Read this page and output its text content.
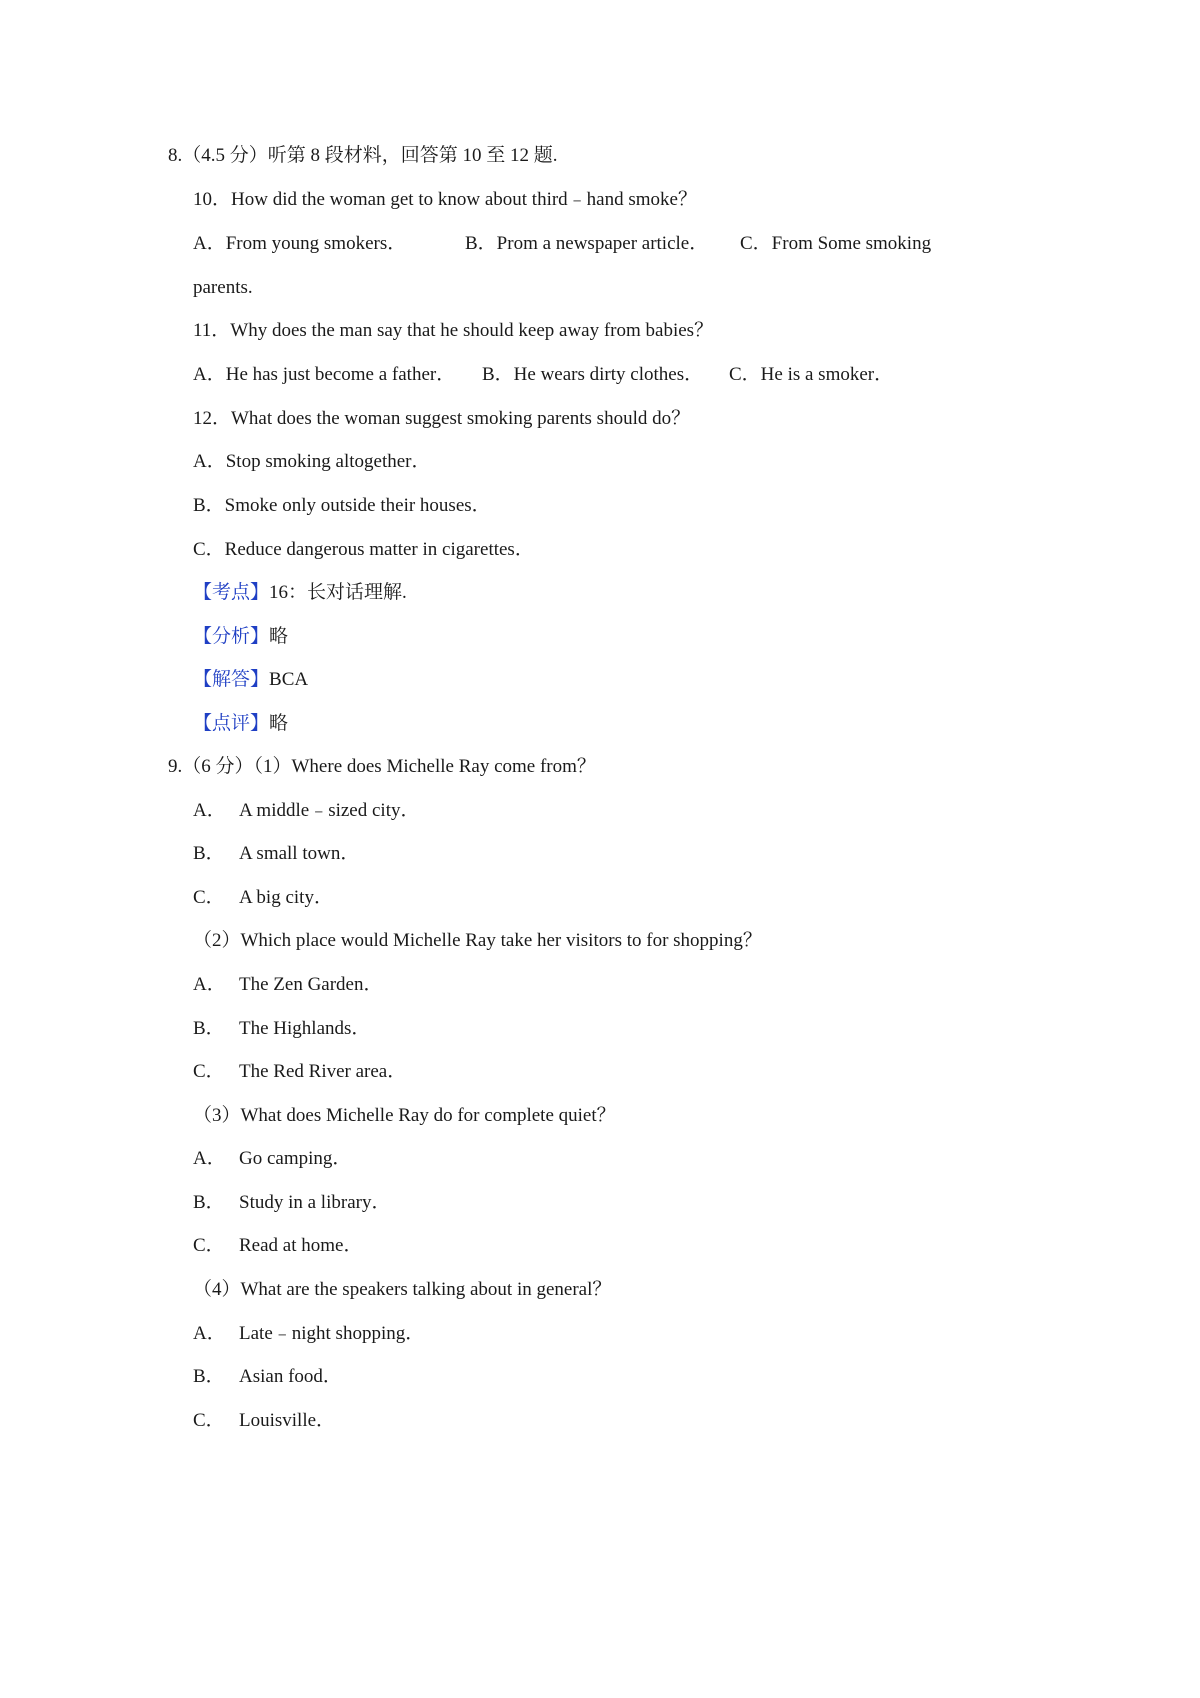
8.（4.5 分）听第 8 段材料，回答第 10 至 12 题.
10．How did the woman get to know about third﹣hand smoke？
A．From young smokers．	B．Prom a newspaper article． C．From Some smoking
parents.
11．Why does the man say that he should keep away from babies？
A．He has just become a father． B．He wears dirty clothes． C．He is a smoker．
12．What does the woman suggest smoking parents should do？
A．Stop smoking altogether．
B．Smoke only outside their houses．
C．Reduce dangerous matter in cigarettes．
【考点】16：长对话理解.
【分析】略
【解答】BCA
【点评】略
9.（6 分）（1）Where does Michelle Ray come from？
A． A middle﹣sized city．
B． A small town．
C． A big city．
（2）Which place would Michelle Ray take her visitors to for shopping？
A． The Zen Garden．
B． The Highlands．
C． The Red River area．
（3）What does Michelle Ray do for complete quiet？
A． Go camping．
B． Study in a library．
C． Read at home．
（4）What are the speakers talking about in general？
A． Late﹣night shopping．
B． Asian food．
C． Louisville．
